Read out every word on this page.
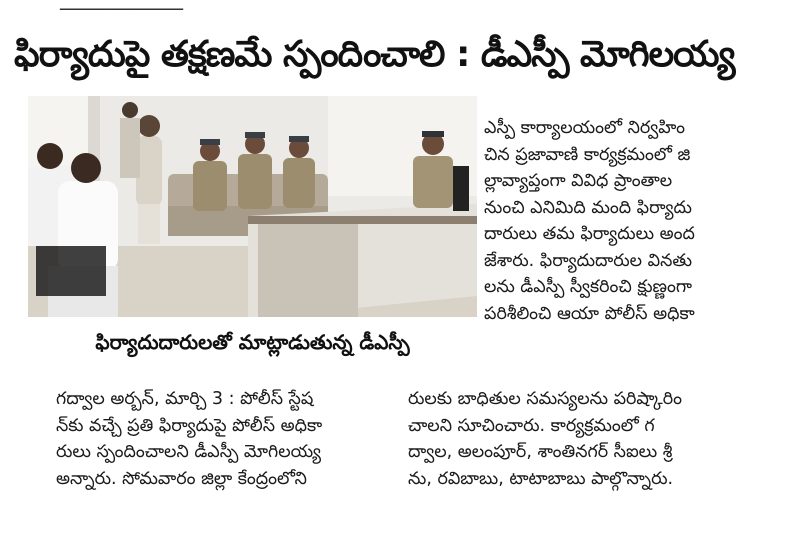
▁▁▁▁▁▁▁▁▁▁
ఫిర్యాదుపై తక్షణమే స్పందించాలి : డీఎస్పీ మోగిలయ్య
ఫిర్యాదుదారులతో మాట్లాడుతున్న డీఎస్పీ
ఎస్పీ కార్యాలయంలో నిర్వహిం
చిన ప్రజావాణి కార్యక్రమంలో జి
ల్లావ్యాప్తంగా వివిధ ప్రాంతాల
నుంచి ఎనిమిది మంది ఫిర్యాదు
దారులు తమ ఫిర్యాదులు అంద
జేశారు. ఫిర్యాదుదారుల వినతు
లను డీఎస్పీ స్వీకరించి క్షుణ్ణంగా
పరిశీలించి ఆయా పోలీస్ అధికా
గద్వాల అర్బన్, మార్చి 3 : పోలీస్ స్టేష
న్‌కు వచ్చే ప్రతి ఫిర్యాదుపై పోలీస్ అధికా
రులు స్పందించాలని డీఎస్పీ మోగిలయ్య
అన్నారు. సోమవారం జిల్లా కేంద్రంలోని
రులకు బాధితుల సమస్యలను పరిష్కారిం
చాలని సూచించారు. కార్యక్రమంలో గ
ద్వాల, అలంపూర్, శాంతినగర్ సీఐలు శ్రీ
ను, రవిబాబు, టాటాబాబు పాల్గొన్నారు.
